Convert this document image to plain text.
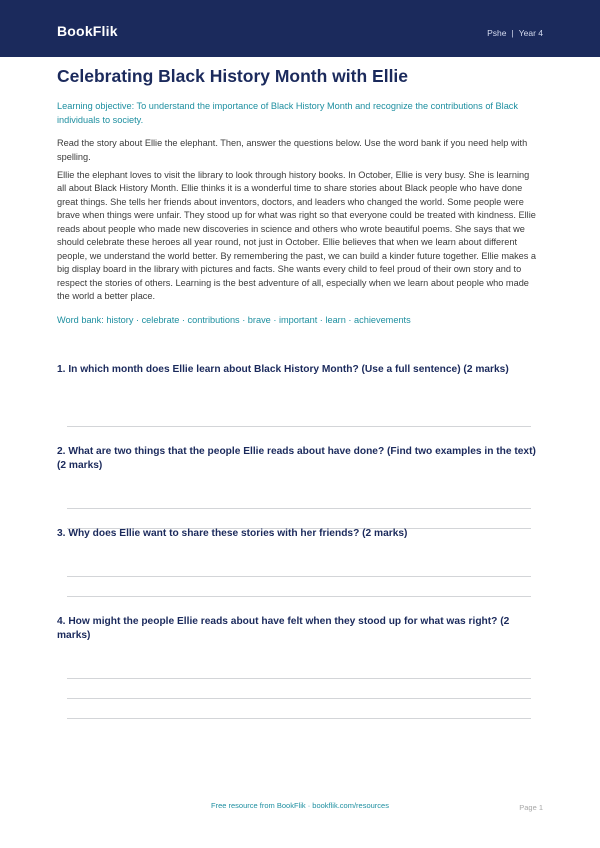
BookFlik	Pshe | Year 4
Celebrating Black History Month with Ellie
Learning objective: To understand the importance of Black History Month and recognize the contributions of Black individuals to society.
Read the story about Ellie the elephant. Then, answer the questions below. Use the word bank if you need help with spelling.
Ellie the elephant loves to visit the library to look through history books. In October, Ellie is very busy. She is learning all about Black History Month. Ellie thinks it is a wonderful time to share stories about Black people who have done great things. She tells her friends about inventors, doctors, and leaders who changed the world. Some people were brave when things were unfair. They stood up for what was right so that everyone could be treated with kindness. Ellie reads about people who made new discoveries in science and others who wrote beautiful poems. She says that we should celebrate these heroes all year round, not just in October. Ellie believes that when we learn about different people, we understand the world better. By remembering the past, we can build a kinder future together. Ellie makes a big display board in the library with pictures and facts. She wants every child to feel proud of their own story and to respect the stories of others. Learning is the best adventure of all, especially when we learn about people who made the world a better place.
Word bank: history · celebrate · contributions · brave · important · learn · achievements
1. In which month does Ellie learn about Black History Month? (Use a full sentence) (2 marks)
2. What are two things that the people Ellie reads about have done? (Find two examples in the text) (2 marks)
3. Why does Ellie want to share these stories with her friends? (2 marks)
4. How might the people Ellie reads about have felt when they stood up for what was right? (2 marks)
Free resource from BookFlik · bookflik.com/resources	Page 1
